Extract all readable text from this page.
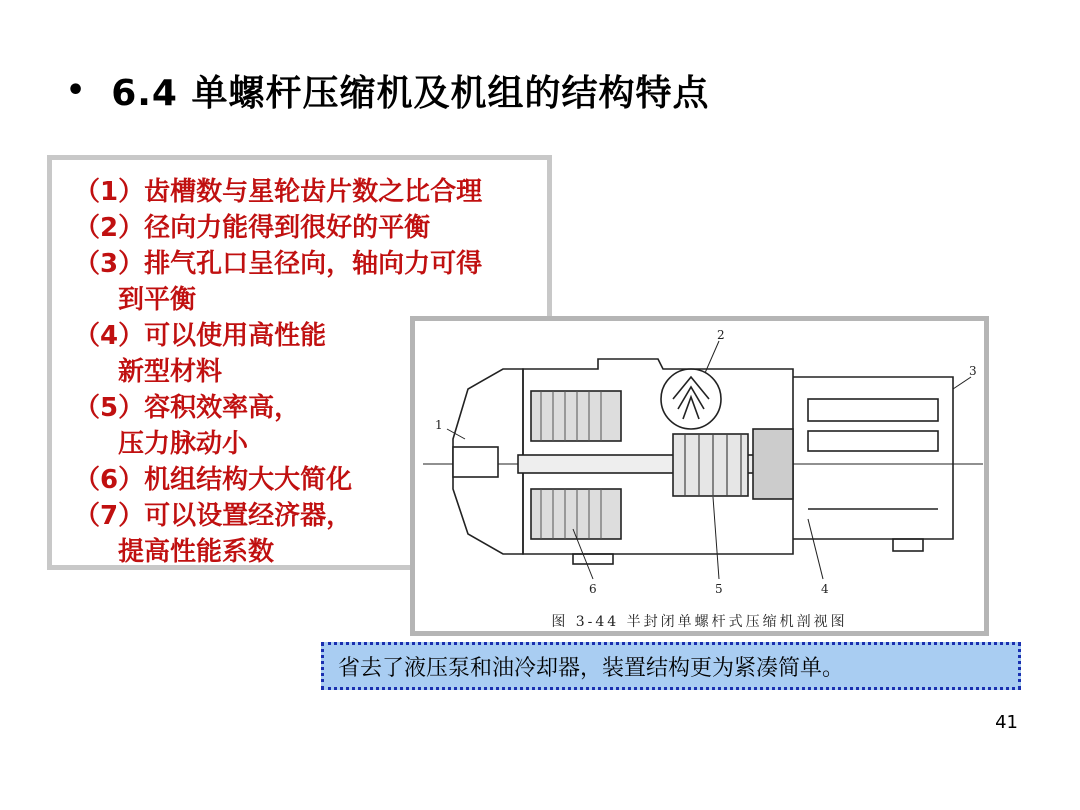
• 6.4 单螺杆压缩机及机组的结构特点
（1）齿槽数与星轮齿片数之比合理
（2）径向力能得到很好的平衡
（3）排气孔口呈径向，轴向力可得
到平衡
（4）可以使用高性能
新型材料
（5）容积效率高，
压力脉动小
（6）机组结构大大简化
（7）可以设置经济器，
提高性能系数
1
2
3
4
5
6
图 3-44 半封闭单螺杆式压缩机剖视图
省去了液压泵和油冷却器，装置结构更为紧凑简单。
41
